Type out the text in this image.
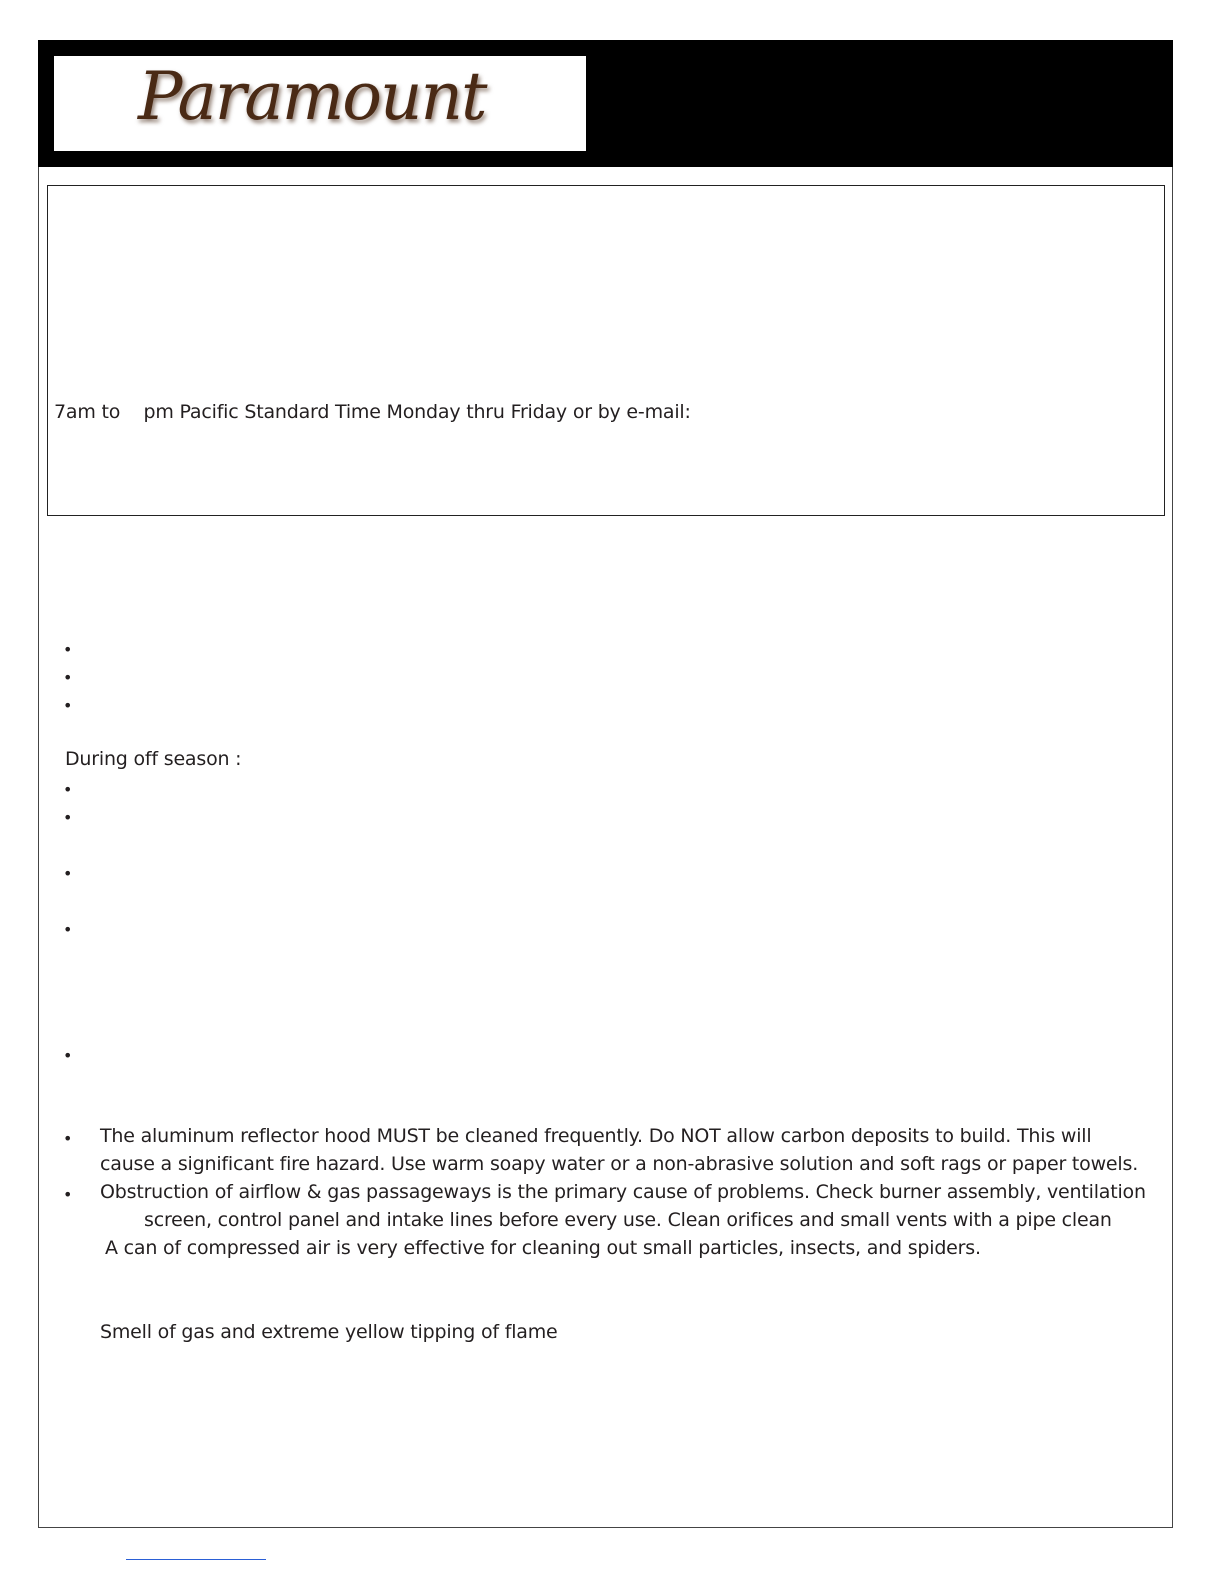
Paramount
7am to    pm Pacific Standard Time Monday thru Friday or by e-mail:
•
•
•
During off season :
•
•
•
•
•
• The aluminum reflector hood MUST be cleaned frequently. Do NOT allow carbon deposits to build. This will
cause a significant fire hazard. Use warm soapy water or a non-abrasive solution and soft rags or paper towels.
• Obstruction of airflow & gas passageways is the primary cause of problems. Check burner assembly, ventilation
screen, control panel and intake lines before every use. Clean orifices and small vents with a pipe clean
A can of compressed air is very effective for cleaning out small particles, insects, and spiders.
Smell of gas and extreme yellow tipping of flame
